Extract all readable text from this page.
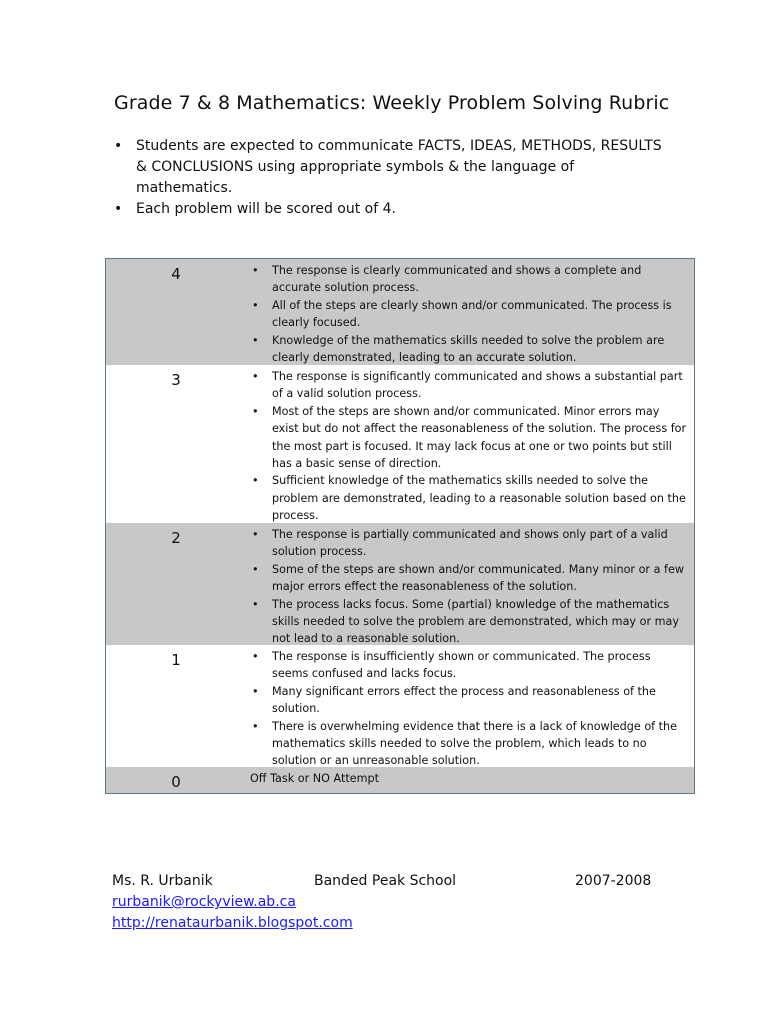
Grade 7 & 8 Mathematics: Weekly Problem Solving Rubric
• Students are expected to communicate FACTS, IDEAS, METHODS, RESULTS & CONCLUSIONS using appropriate symbols & the language of mathematics.
• Each problem will be scored out of 4.
4	• The response is clearly communicated and shows a complete and accurate solution process.
• All of the steps are clearly shown and/or communicated. The process is clearly focused.
• Knowledge of the mathematics skills needed to solve the problem are clearly demonstrated, leading to an accurate solution.
3	• The response is significantly communicated and shows a substantial part of a valid solution process.
• Most of the steps are shown and/or communicated. Minor errors may exist but do not affect the reasonableness of the solution. The process for the most part is focused. It may lack focus at one or two points but still has a basic sense of direction.
• Sufficient knowledge of the mathematics skills needed to solve the problem are demonstrated, leading to a reasonable solution based on the process.
2	• The response is partially communicated and shows only part of a valid solution process.
• Some of the steps are shown and/or communicated. Many minor or a few major errors effect the reasonableness of the solution.
• The process lacks focus. Some (partial) knowledge of the mathematics skills needed to solve the problem are demonstrated, which may or may not lead to a reasonable solution.
1	• The response is insufficiently shown or communicated. The process seems confused and lacks focus.
• Many significant errors effect the process and reasonableness of the solution.
• There is overwhelming evidence that there is a lack of knowledge of the mathematics skills needed to solve the problem, which leads to no solution or an unreasonable solution.
0	Off Task or NO Attempt
Ms. R. Urbanik	Banded Peak School	2007-2008
rurbanik@rockyview.ab.ca
http://renataurbanik.blogspot.com
